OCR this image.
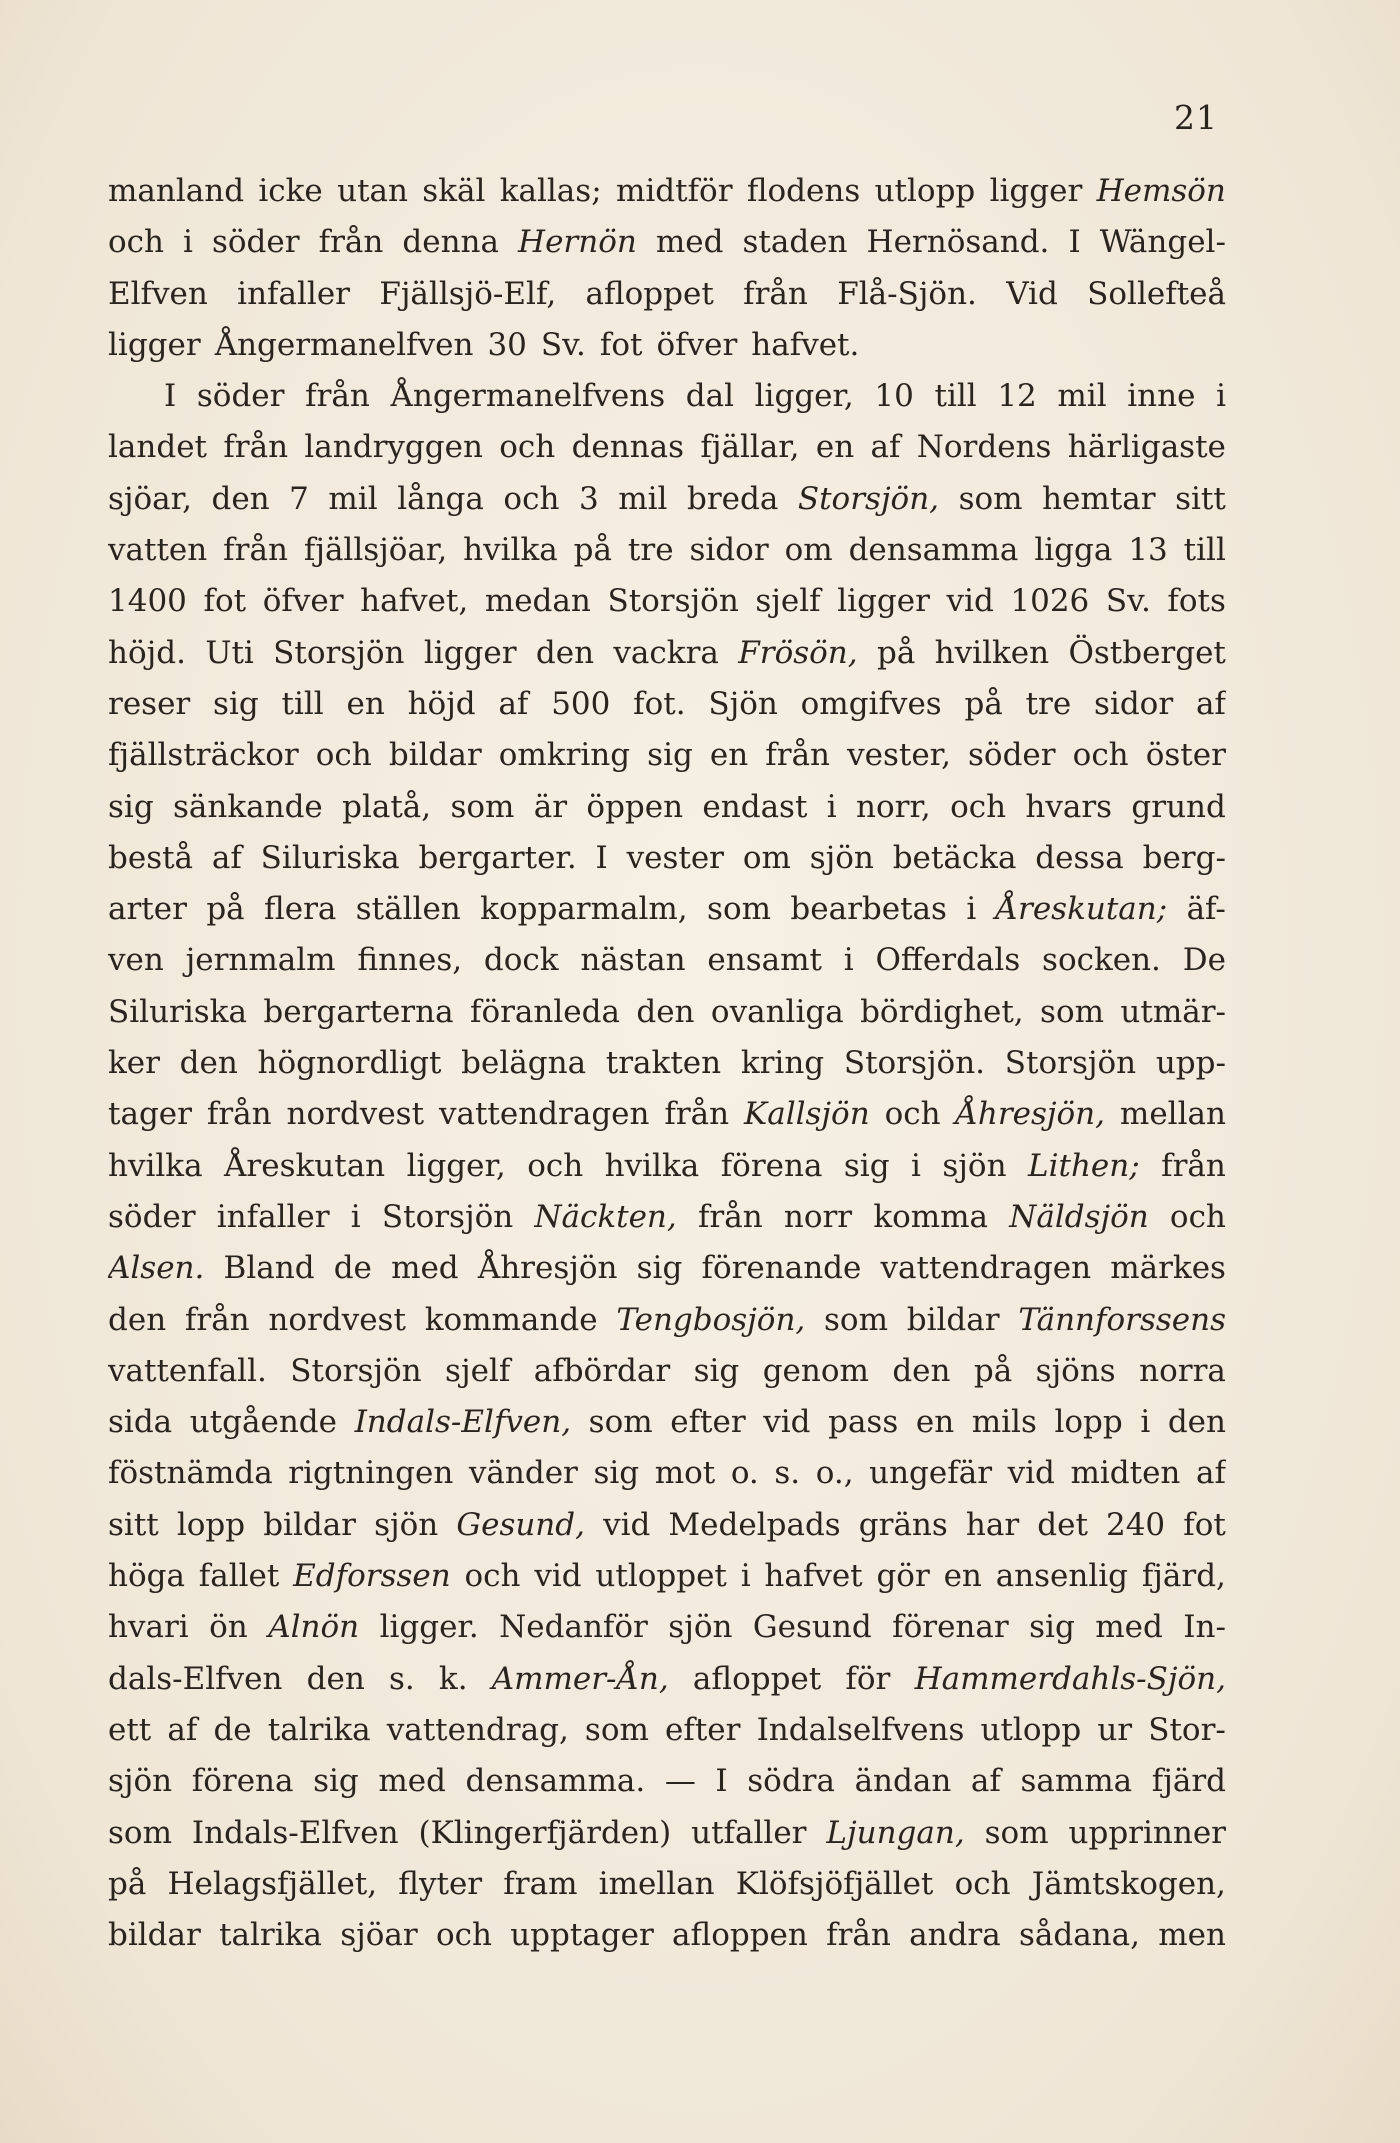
21
manland icke utan skäl kallas; midtför flodens utlopp ligger Hemsön
och i söder från denna Hernön med staden Hernösand. I Wängel-
Elfven infaller Fjällsjö-Elf, afloppet från Flå-Sjön. Vid Sollefteå
ligger Ångermanelfven 30 Sv. fot öfver hafvet.
I söder från Ångermanelfvens dal ligger, 10 till 12 mil inne i
landet från landryggen och dennas fjällar, en af Nordens härligaste
sjöar, den 7 mil långa och 3 mil breda Storsjön, som hemtar sitt
vatten från fjällsjöar, hvilka på tre sidor om densamma ligga 13 till
1400 fot öfver hafvet, medan Storsjön sjelf ligger vid 1026 Sv. fots
höjd. Uti Storsjön ligger den vackra Frösön, på hvilken Östberget
reser sig till en höjd af 500 fot. Sjön omgifves på tre sidor af
fjällsträckor och bildar omkring sig en från vester, söder och öster
sig sänkande platå, som är öppen endast i norr, och hvars grund
bestå af Siluriska bergarter. I vester om sjön betäcka dessa berg-
arter på flera ställen kopparmalm, som bearbetas i Åreskutan; äf-
ven jernmalm finnes, dock nästan ensamt i Offerdals socken. De
Siluriska bergarterna föranleda den ovanliga bördighet, som utmär-
ker den högnordligt belägna trakten kring Storsjön. Storsjön upp-
tager från nordvest vattendragen från Kallsjön och Åhresjön, mellan
hvilka Åreskutan ligger, och hvilka förena sig i sjön Lithen; från
söder infaller i Storsjön Näckten, från norr komma Näldsjön och
Alsen. Bland de med Åhresjön sig förenande vattendragen märkes
den från nordvest kommande Tengbosjön, som bildar Tännforssens
vattenfall. Storsjön sjelf afbördar sig genom den på sjöns norra
sida utgående Indals-Elfven, som efter vid pass en mils lopp i den
föstnämda rigtningen vänder sig mot o. s. o., ungefär vid midten af
sitt lopp bildar sjön Gesund, vid Medelpads gräns har det 240 fot
höga fallet Edforssen och vid utloppet i hafvet gör en ansenlig fjärd,
hvari ön Alnön ligger. Nedanför sjön Gesund förenar sig med In-
dals-Elfven den s. k. Ammer-Ån, afloppet för Hammerdahls-Sjön,
ett af de talrika vattendrag, som efter Indalselfvens utlopp ur Stor-
sjön förena sig med densamma. — I södra ändan af samma fjärd
som Indals-Elfven (Klingerfjärden) utfaller Ljungan, som upprinner
på Helagsfjället, flyter fram imellan Klöfsjöfjället och Jämtskogen,
bildar talrika sjöar och upptager afloppen från andra sådana, men
